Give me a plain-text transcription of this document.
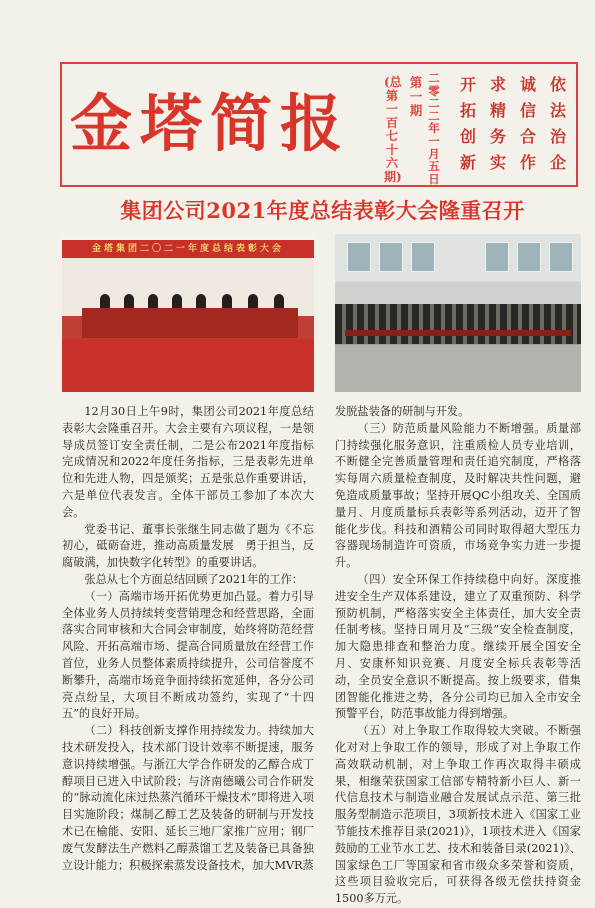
金塔简报
(总第一百七十六期)
第一期
二零二二年一月五日
开拓创新
求精务实
诚信合作
依法治企
集团公司2021年度总结表彰大会隆重召开
金塔集团二〇二一年度总结表彰大会

12月30日上午9时，集团公司2021年度总结表彰大会隆重召开。大会主要有六项议程，一是领导成员签订安全责任制，二是公布2021年度指标完成情况和2022年度任务指标，三是表彰先进单位和先进人物，四是颁奖；五是张总作重要讲话，六是单位代表发言。全体干部员工参加了本次大会。

党委书记、董事长张继生同志做了题为《不忘初心，砥砺奋进，推动高质量发展　勇于担当，反腐破满，加快数字化转型》的重要讲话。

张总从七个方面总结回顾了2021年的工作：

（一）高端市场开拓优势更加凸显。着力引导全体业务人员持续转变营销理念和经营思路，全面落实合同审核和大合同会审制度，始终将防范经营风险、开拓高端市场、提高合同质量放在经营工作首位，业务人员整体素质持续提升，公司信誉度不断攀升，高端市场竞争面持续拓宽延伸，各分公司亮点纷呈，大项目不断成功签约，实现了“十四五”的良好开局。

（二）科技创新支撑作用持续发力。持续加大技术研发投入，技术部门设计效率不断提速，服务意识持续增强。与浙江大学合作研发的乙醇合成丁醇项目已进入中试阶段；与济南德曦公司合作研发的“脉动流化床过热蒸汽循环干燥技术”即将进入项目实施阶段；煤制乙醇工艺及装备的研制与开发技术已在榆能、安阳、延长三地厂家推广应用；钢厂废气发酵法生产燃料乙醇蒸馏工艺及装备已具备独立设计能力；积极探索蒸发设备技术，加大MVR蒸

发脱盐装备的研制与开发。

（三）防范质量风险能力不断增强。质量部门持续强化服务意识，注重质检人员专业培训，不断健全完善质量管理和责任追究制度，严格落实每周六质量检查制度，及时解决共性问题，避免造成质量事故；坚持开展QC小组攻关、全国质量月、月度质量标兵表彰等系列活动，迈开了智能化步伐。科技和酒精公司同时取得超大型压力容器现场制造许可资质，市场竞争实力进一步提升。

（四）安全环保工作持续稳中向好。深度推进安全生产双体系建设，建立了双重预防、科学预防机制，严格落实安全主体责任，加大安全责任制考核。坚持日周月及“三级”安全检查制度，加大隐患排查和整治力度。继续开展全国安全月、安康杯知识竞赛、月度安全标兵表彰等活动，全员安全意识不断提高。按上级要求，借集团智能化推进之势，各分公司均已加入全市安全预警平台，防范事故能力得到增强。

（五）对上争取工作取得较大突破。不断强化对对上争取工作的领导，形成了对上争取工作高效联动机制，对上争取工作再次取得丰硕成果，相继荣获国家工信部专精特新小巨人、新一代信息技术与制造业融合发展试点示范、第三批服务型制造示范项目，3项新技术进入《国家工业节能技术推荐目录(2021)》，1项技术进入《国家鼓励的工业节水工艺、技术和装备目录(2021)》、国家绿色工厂等国家和省市级众多荣誉和资质，这些项目验收完后，可获得各级无偿扶持资金1500多万元。
